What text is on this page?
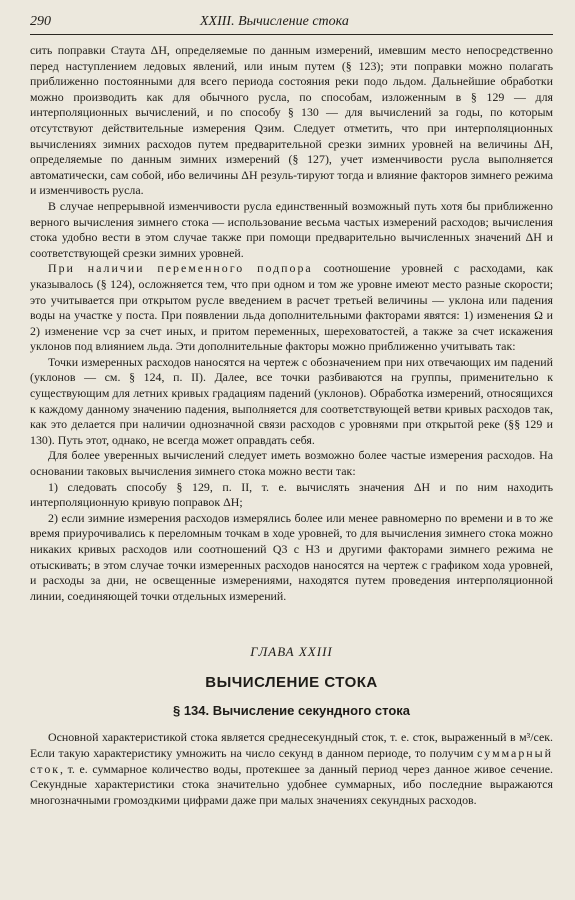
290	XXIII. Вычисление стока

сить поправки Стаута ΔH, определяемые по данным измерений, имевшим место непосредственно перед наступлением ледовых явлений, или иным путем (§ 123); эти поправки можно полагать приближенно постоянными для всего периода состояния реки подо льдом. Дальнейшие обработки можно производить как для обычного русла, по способам, изложенным в § 129 — для интерполяционных вычислений, и по способу § 130 — для вычислений за годы, по которым отсутствуют действительные измерения Qзим. Следует отметить, что при интерполяционных вычислениях зимних расходов путем предварительной срезки зимних уровней на величины ΔH, определяемые по данным зимних измерений (§ 127), учет изменчивости русла выполняется автоматически, сам собой, ибо величины ΔH резуль-тируют тогда и влияние факторов зимнего режима и изменчивость русла.

В случае непрерывной изменчивости русла единственный возможный путь хотя бы приближенно верного вычисления зимнего стока — использование весьма частых измерений расходов; вычисления стока удобно вести в этом случае также при помощи предварительно вычисленных значений ΔH и соответствующей срезки зимних уровней.

При наличии переменного подпора соотношение уровней с расходами, как указывалось (§ 124), осложняется тем, что при одном и том же уровне имеют место разные скорости; это учитывается при открытом русле введением в расчет третьей величины — уклона или падения воды на участке у поста. При появлении льда дополнительными факторами явятся: 1) изменения Ω и 2) изменение vср за счет иных, и притом переменных, шереховатостей, а также за счет искажения уклонов под влиянием льда. Эти дополнительные факторы можно приближенно учитывать так:

Точки измеренных расходов наносятся на чертеж с обозначением при них отвечающих им падений (уклонов — см. § 124, п. II). Далее, все точки разбиваются на группы, применительно к существующим для летних кривых градациям падений (уклонов). Обработка измерений, относящихся к каждому данному значению падения, выполняется для соответствующей ветви кривых расходов так, как это делается при наличии однозначной связи расходов с уровнями при открытой реке (§§ 129 и 130). Путь этот, однако, не всегда может оправдать себя.

Для более уверенных вычислений следует иметь возможно более частые измерения расходов. На основании таковых вычисления зимнего стока можно вести так:

1) следовать способу § 129, п. II, т. е. вычислять значения ΔH и по ним находить интерполяционную кривую поправок ΔH;

2) если зимние измерения расходов измерялись более или менее равномерно по времени и в то же время приурочивались к переломным точкам в ходе уровней, то для вычисления зимнего стока можно никаких кривых расходов или соотношений Q3 с H3 и другими факторами зимнего режима не отыскивать; в этом случае точки измеренных расходов наносятся на чертеж с графиком хода уровней, и расходы за дни, не освещенные измерениями, находятся путем проведения интерполяционной линии, соединяющей точки отдельных измерений.

ГЛАВА XXIII
ВЫЧИСЛЕНИЕ СТОКА
§ 134. Вычисление секундного стока

Основной характеристикой стока является среднесекундный сток, т. е. сток, выраженный в м³/сек. Если такую характеристику умножить на число секунд в данном периоде, то получим суммарный сток, т. е. суммарное количество воды, протекшее за данный период через данное живое сечение. Секундные характеристики стока значительно удобнее суммарных, ибо последние выражаются многозначными громоздкими цифрами даже при малых значениях секундных расходов.
